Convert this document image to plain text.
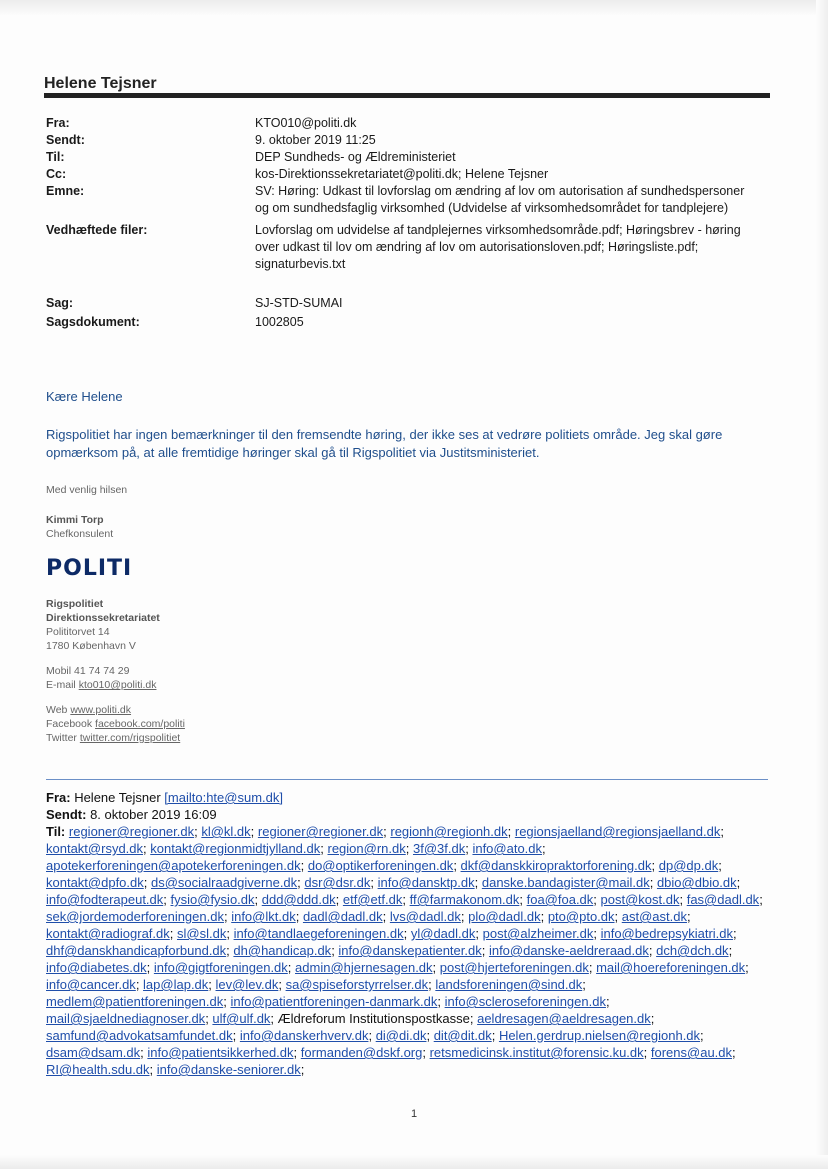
Helene Tejsner
Fra:	KTO010@politi.dk
Sendt:	9. oktober 2019 11:25
Til:	DEP Sundheds- og Ældreministeriet
Cc:	kos-Direktionssekretariatet@politi.dk; Helene Tejsner
Emne:	SV: Høring: Udkast til lovforslag om ændring af lov om autorisation af sundhedspersoner og om sundhedsfaglig virksomhed (Udvidelse af virksomhedsområdet for tandplejere)
Vedhæftede filer:	Lovforslag om udvidelse af tandplejernes virksomhedsområde.pdf; Høringsbrev - høring over udkast til lov om ændring af lov om autorisationsloven.pdf; Høringsliste.pdf; signaturbevis.txt
Sag:	SJ-STD-SUMAI
Sagsdokument:	1002805
Kære Helene
Rigspolitiet har ingen bemærkninger til den fremsendte høring, der ikke ses at vedrøre politiets område. Jeg skal gøre opmærksom på, at alle fremtidige høringer skal gå til Rigspolitiet via Justitsministeriet.
Med venlig hilsen
Kimmi Torp
Chefkonsulent
POLITI
Rigspolitiet
Direktionssekretariatet
Polititorvet 14
1780 København V
Mobil 41 74 74 29
E-mail kto010@politi.dk
Web www.politi.dk
Facebook facebook.com/politi
Twitter twitter.com/rigspolitiet
Fra: Helene Tejsner [mailto:hte@sum.dk]
Sendt: 8. oktober 2019 16:09
Til: regioner@regioner.dk; kl@kl.dk; regioner@regioner.dk; regionh@regionh.dk; regionsjaelland@regionsjaelland.dk; kontakt@rsyd.dk; kontakt@regionmidtjylland.dk; region@rn.dk; 3f@3f.dk; info@ato.dk; apotekerforeningen@apotekerforeningen.dk; do@optikerforeningen.dk; dkf@danskkiropraktorforening.dk; dp@dp.dk; kontakt@dpfo.dk; ds@socialraadgiverne.dk; dsr@dsr.dk; info@dansktp.dk; danske.bandagister@mail.dk; dbio@dbio.dk; info@fodterapeut.dk; fysio@fysio.dk; ddd@ddd.dk; etf@etf.dk; ff@farmakonom.dk; foa@foa.dk; post@kost.dk; fas@dadl.dk; sek@jordemoderforeningen.dk; info@lkt.dk; dadl@dadl.dk; lvs@dadl.dk; plo@dadl.dk; pto@pto.dk; ast@ast.dk; kontakt@radiograf.dk; sl@sl.dk; info@tandlaegeforeningen.dk; yl@dadl.dk; post@alzheimer.dk; info@bedrepsykiatri.dk; dhf@danskhandicapforbund.dk; dh@handicap.dk; info@danskepatienter.dk; info@danske-aeldreraad.dk; dch@dch.dk; info@diabetes.dk; info@gigtforeningen.dk; admin@hjernesagen.dk; post@hjerteforeningen.dk; mail@hoereforeningen.dk; info@cancer.dk; lap@lap.dk; lev@lev.dk; sa@spiseforstyrrelser.dk; landsforeningen@sind.dk; medlem@patientforeningen.dk; info@patientforeningen-danmark.dk; info@scleroseforeningen.dk; mail@sjaeldnediagnoser.dk; ulf@ulf.dk; Ældreforum Institutionspostkasse; aeldresagen@aeldresagen.dk; samfund@advokatsamfundet.dk; info@danskerhverv.dk; di@di.dk; dit@dit.dk; Helen.gerdrup.nielsen@regionh.dk; dsam@dsam.dk; info@patientsikkerhed.dk; formanden@dskf.org; retsmedicinsk.institut@forensic.ku.dk; forens@au.dk; RI@health.sdu.dk; info@danske-seniorer.dk;
1
